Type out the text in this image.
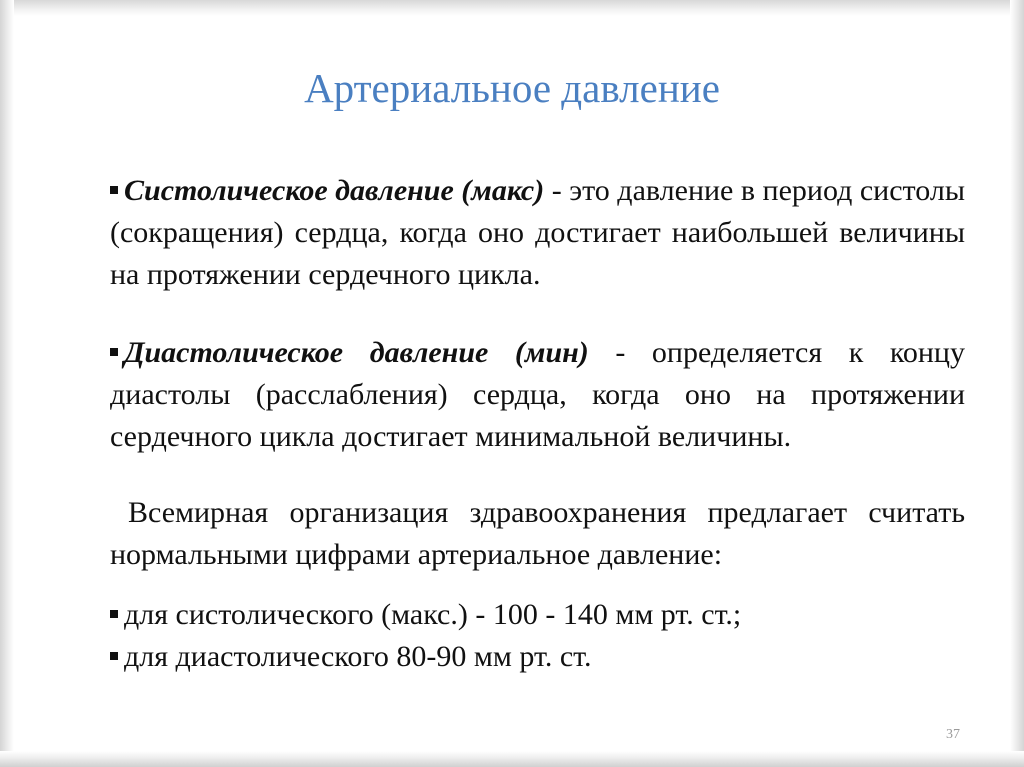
Артериальное давление

Систолическое давление (макс) - это давление в период систолы (сокращения) сердца, когда оно достигает наибольшей величины на протяжении сердечного цикла.

Диастолическое давление (мин) - определяется к концу диастолы (расслабления) сердца, когда оно на протяжении сердечного цикла достигает минимальной величины.

Всемирная организация здравоохранения предлагает считать нормальными цифрами артериальное давление:

для систолического (макс.) - 100 - 140 мм рт. ст.;
для диастолического 80-90 мм рт. ст.
37
